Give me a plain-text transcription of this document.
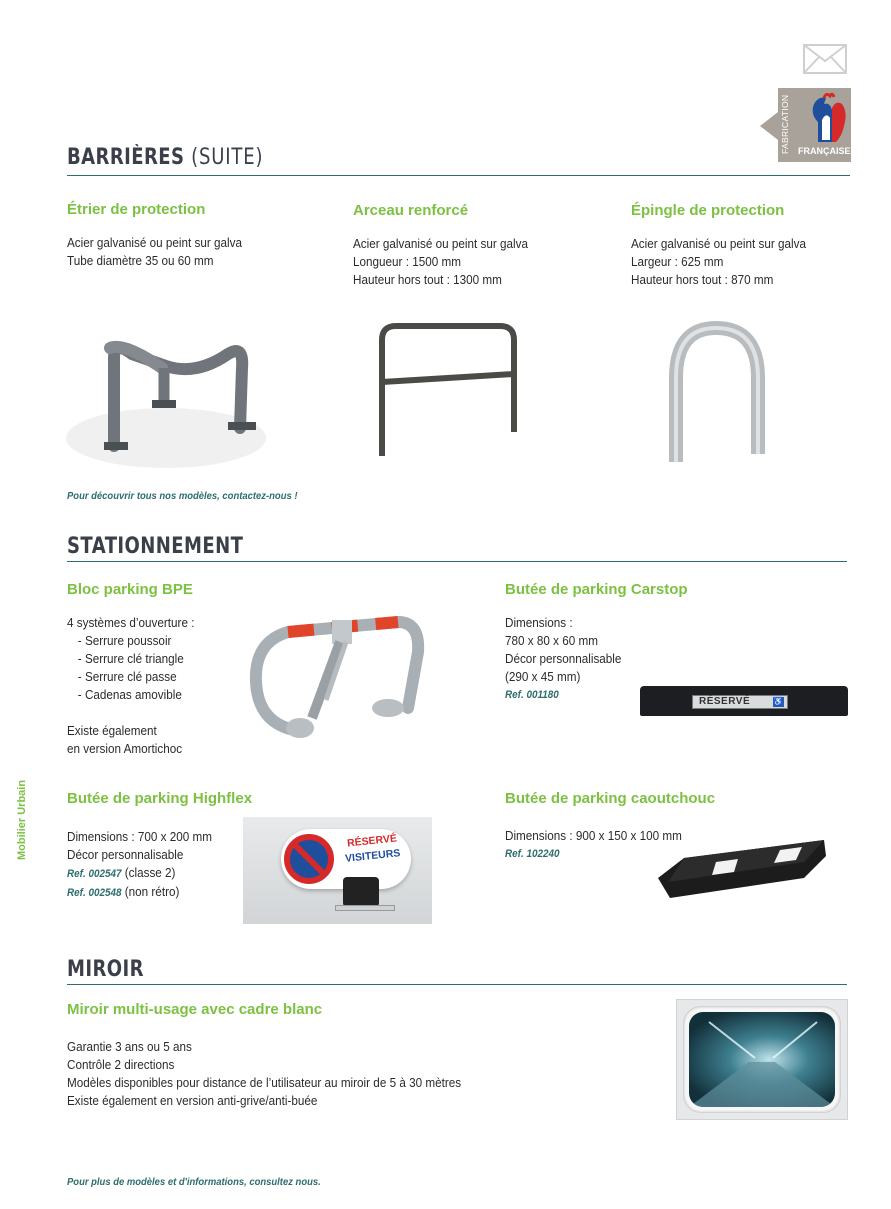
Mobilier Urbain
FABRICATION FRANÇAISE
BARRIÈRES (SUITE)
Étrier de protection
Acier galvanisé ou peint sur galva
Tube diamètre 35 ou 60 mm
Arceau renforcé
Acier galvanisé ou peint sur galva
Longueur : 1500 mm
Hauteur hors tout : 1300 mm
Épingle de protection
Acier galvanisé ou peint sur galva
Largeur : 625 mm
Hauteur hors tout : 870 mm
Pour découvrir tous nos modèles, contactez-nous !
STATIONNEMENT
Bloc parking BPE
4 systèmes d’ouverture :
- Serrure poussoir
- Serrure clé triangle
- Serrure clé passe
- Cadenas amovible
Existe également
en version Amortichoc
Butée de parking Carstop
Dimensions :
780 x 80 x 60 mm
Décor personnalisable
(290 x 45 mm)
Ref. 001180
RÉSERVÉ	♿
Butée de parking Highflex
Dimensions : 700 x 200 mm
Décor personnalisable
Ref. 002547 (classe 2)
Ref. 002548 (non rétro)
RÉSERVÉ
VISITEURS
Butée de parking caoutchouc
Dimensions : 900 x 150 x 100 mm
Ref. 102240
MIROIR
Miroir multi-usage avec cadre blanc
Garantie 3 ans ou 5 ans
Contrôle 2 directions
Modèles disponibles pour distance de l’utilisateur au miroir de 5 à 30 mètres
Existe également en version anti-grive/anti-buée
Pour plus de modèles et d'informations, consultez nous.
